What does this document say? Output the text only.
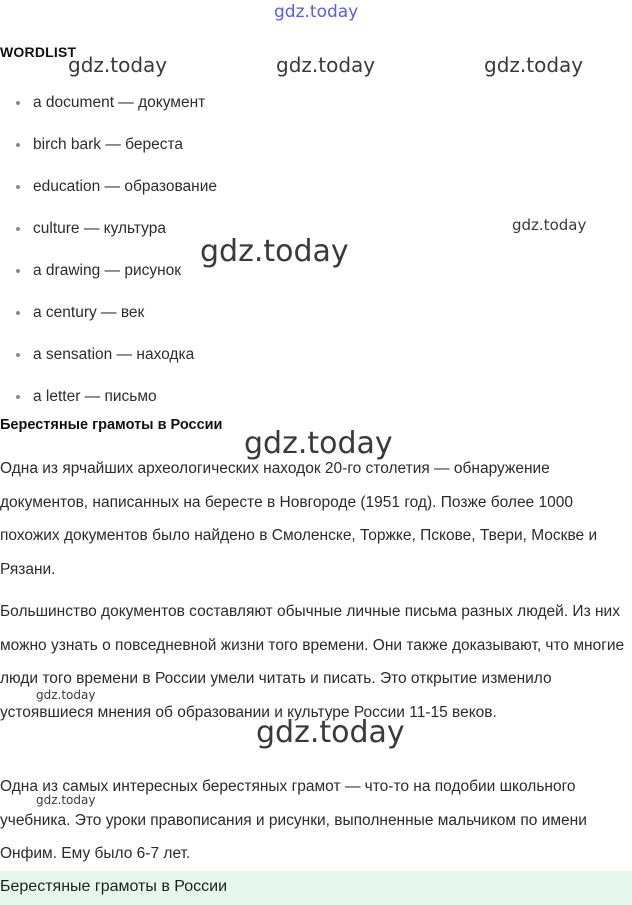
gdz.today
WORDLIST
gdz.today	gdz.today	gdz.today
a document — документ
birch bark — береста
education — образование
culture — культура
a drawing — рисунок
a century — век
a sensation — находка
a letter — письмо
gdz.today
gdz.today
Берестяные грамоты в России
gdz.today

Одна из ярчайших археологических находок 20-го столетия — обнаружение документов, написанных на бересте в Новгороде (1951 год). Позже более 1000 похожих документов было найдено в Смоленске, Торжке, Пскове, Твери, Москве и Рязани.

Большинство документов составляют обычные личные письма разных людей. Из них можно узнать о повседневной жизни того времени. Они также доказывают, что многие люди того времени в России умели читать и писать. Это открытие изменило устоявшиеся мнения об образовании и культуре России 11-15 веков.

gdz.today
gdz.today

Одна из самых интересных берестяных грамот — что-то на подобии школьного учебника. Это уроки правописания и рисунки, выполненные мальчиком по имени Онфим. Ему было 6-7 лет.

gdz.today
Берестяные грамоты в России
